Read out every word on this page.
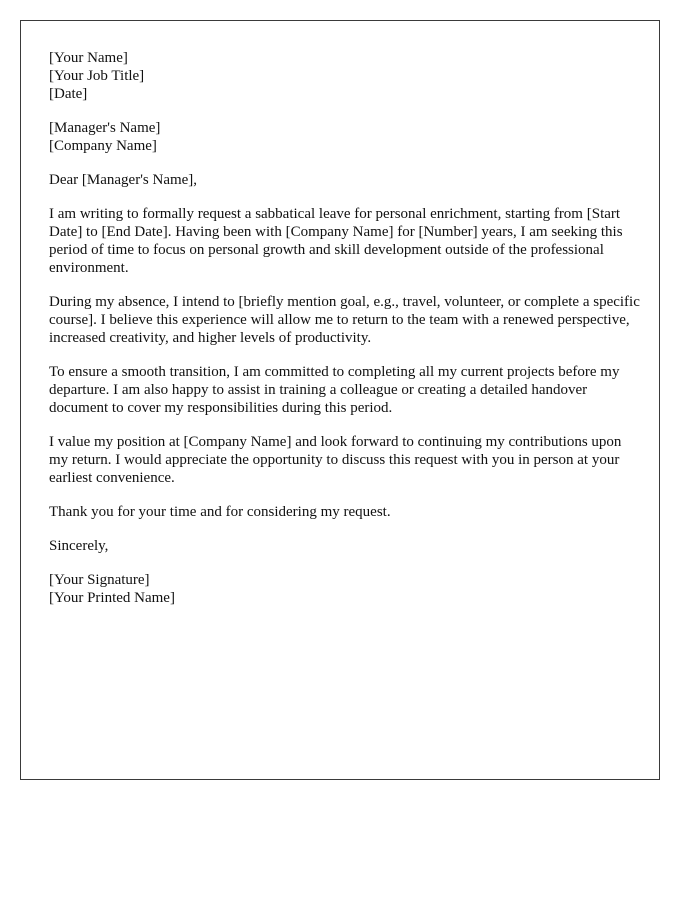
[Your Name]
[Your Job Title]
[Date]
[Manager's Name]
[Company Name]
Dear [Manager's Name],

I am writing to formally request a sabbatical leave for personal enrichment, starting from [Start Date] to [End Date]. Having been with [Company Name] for [Number] years, I am seeking this period of time to focus on personal growth and skill development outside of the professional environment.

During my absence, I intend to [briefly mention goal, e.g., travel, volunteer, or complete a specific course]. I believe this experience will allow me to return to the team with a renewed perspective, increased creativity, and higher levels of productivity.

To ensure a smooth transition, I am committed to completing all my current projects before my departure. I am also happy to assist in training a colleague or creating a detailed handover document to cover my responsibilities during this period.

I value my position at [Company Name] and look forward to continuing my contributions upon my return. I would appreciate the opportunity to discuss this request with you in person at your earliest convenience.

Thank you for your time and for considering my request.

Sincerely,
[Your Signature]
[Your Printed Name]
